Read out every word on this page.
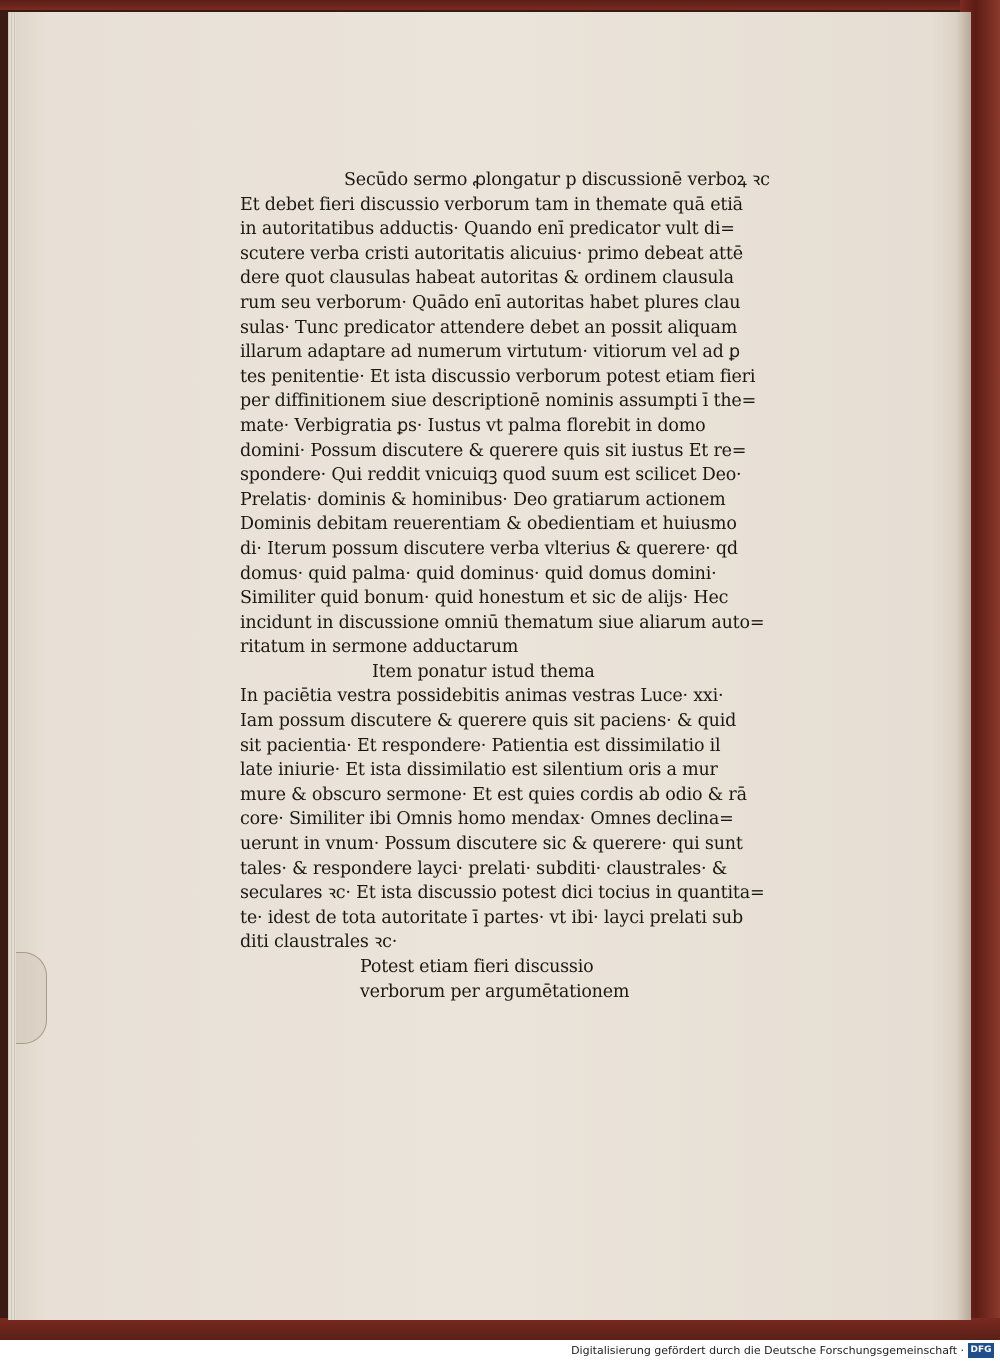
Secūdo sermo ꝓlongatur p discussionē verboꝝ ꝛc
Et debet fieri discussio verborum tam in themate quā etiā
in autoritatibus adductis· Quando enī predicator vult di=
scutere verba cristi autoritatis alicuius· primo debeat attē
dere quot clausulas habeat autoritas & ordinem clausula
rum seu verborum· Quādo enī autoritas habet plures clau
sulas· Tunc predicator attendere debet an possit aliquam
illarum adaptare ad numerum virtutum· vitiorum vel ad ꝑ
tes penitentie· Et ista discussio verborum potest etiam fieri
per diffinitionem siue descriptionē nominis assumpti ī the=
mate· Verbigratia ꝑs· Iustus vt palma florebit in domo
domini· Possum discutere & querere quis sit iustus Et re=
spondere· Qui reddit vnicuiqꝫ quod suum est scilicet Deo·
Prelatis· dominis & hominibus· Deo gratiarum actionem
Dominis debitam reuerentiam & obedientiam et huiusmo
di· Iterum possum discutere verba vlterius & querere· qd
domus· quid palma· quid dominus· quid domus domini·
Similiter quid bonum· quid honestum et sic de alijs· Hec
incidunt in discussione omniū thematum siue aliarum auto=
ritatum in sermone adductarum
Item ponatur istud thema
In paciētia vestra possidebitis animas vestras Luce· xxi·
Iam possum discutere & querere quis sit paciens· & quid
sit pacientia· Et respondere· Patientia est dissimilatio il
late iniurie· Et ista dissimilatio est silentium oris a mur
mure & obscuro sermone· Et est quies cordis ab odio & rā
core· Similiter ibi Omnis homo mendax· Omnes declina=
uerunt in vnum· Possum discutere sic & querere· qui sunt
tales· & respondere layci· prelati· subditi· claustrales· &
seculares ꝛc· Et ista discussio potest dici tocius in quantita=
te· idest de tota autoritate ī partes· vt ibi· layci prelati sub
diti claustrales ꝛc·
Potest etiam fieri discussio
verborum per argumētationem
Digitalisierung gefördert durch die Deutsche Forschungsgemeinschaft · DFG
